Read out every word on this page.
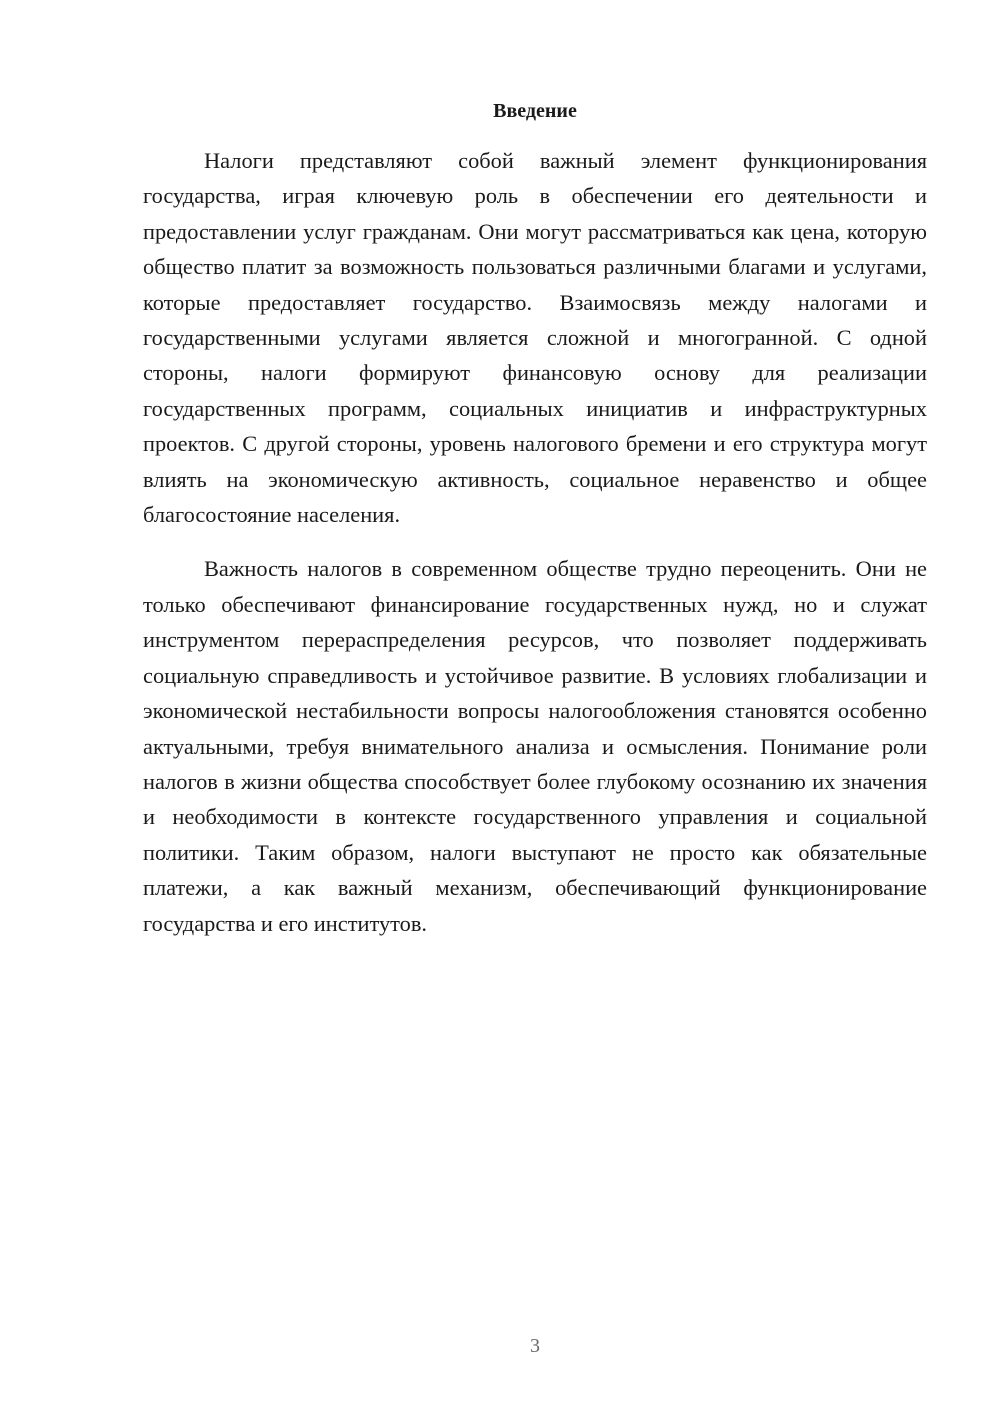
Введение

Налоги представляют собой важный элемент функционирования государства, играя ключевую роль в обеспечении его деятельности и предоставлении услуг гражданам. Они могут рассматриваться как цена, которую общество платит за возможность пользоваться различными благами и услугами, которые предоставляет государство. Взаимосвязь между налогами и государственными услугами является сложной и многогранной. С одной стороны, налоги формируют финансовую основу для реализации государственных программ, социальных инициатив и инфраструктурных проектов. С другой стороны, уровень налогового бремени и его структура могут влиять на экономическую активность, социальное неравенство и общее благосостояние населения.

Важность налогов в современном обществе трудно переоценить. Они не только обеспечивают финансирование государственных нужд, но и служат инструментом перераспределения ресурсов, что позволяет поддерживать социальную справедливость и устойчивое развитие. В условиях глобализации и экономической нестабильности вопросы налогообложения становятся особенно актуальными, требуя внимательного анализа и осмысления. Понимание роли налогов в жизни общества способствует более глубокому осознанию их значения и необходимости в контексте государственного управления и социальной политики. Таким образом, налоги выступают не просто как обязательные платежи, а как важный механизм, обеспечивающий функционирование государства и его институтов.

3
